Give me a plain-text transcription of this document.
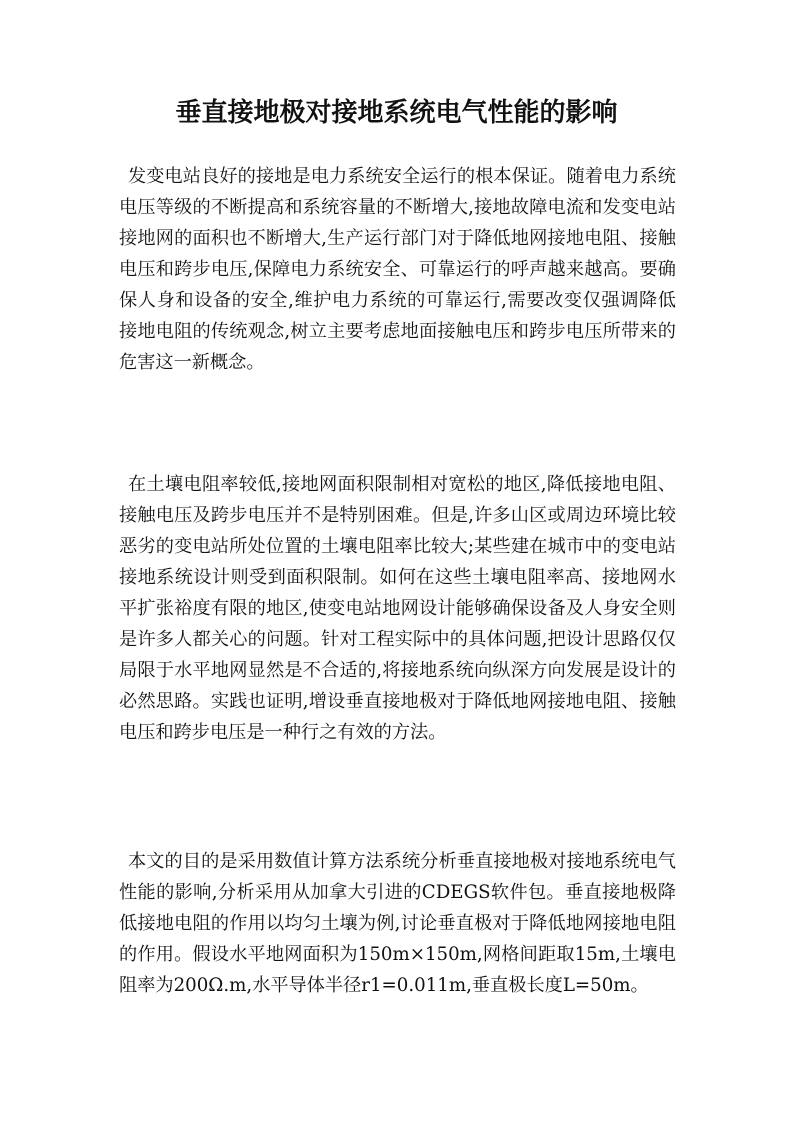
垂直接地极对接地系统电气性能的影响

发变电站良好的接地是电力系统安全运行的根本保证。随着电力系统电压等级的不断提高和系统容量的不断增大,接地故障电流和发变电站接地网的面积也不断增大,生产运行部门对于降低地网接地电阻、接触电压和跨步电压,保障电力系统安全、可靠运行的呼声越来越高。要确保人身和设备的安全,维护电力系统的可靠运行,需要改变仅强调降低接地电阻的传统观念,树立主要考虑地面接触电压和跨步电压所带来的危害这一新概念。

在土壤电阻率较低,接地网面积限制相对宽松的地区,降低接地电阻、接触电压及跨步电压并不是特别困难。但是,许多山区或周边环境比较恶劣的变电站所处位置的土壤电阻率比较大;某些建在城市中的变电站接地系统设计则受到面积限制。如何在这些土壤电阻率高、接地网水平扩张裕度有限的地区,使变电站地网设计能够确保设备及人身安全则是许多人都关心的问题。针对工程实际中的具体问题,把设计思路仅仅局限于水平地网显然是不合适的,将接地系统向纵深方向发展是设计的必然思路。实践也证明,增设垂直接地极对于降低地网接地电阻、接触电压和跨步电压是一种行之有效的方法。

本文的目的是采用数值计算方法系统分析垂直接地极对接地系统电气性能的影响,分析采用从加拿大引进的CDEGS软件包。垂直接地极降低接地电阻的作用以均匀土壤为例,讨论垂直极对于降低地网接地电阻的作用。假设水平地网面积为150m×150m,网格间距取15m,土壤电阻率为200Ω.m,水平导体半径r1=0.011m,垂直极长度L=50m。
